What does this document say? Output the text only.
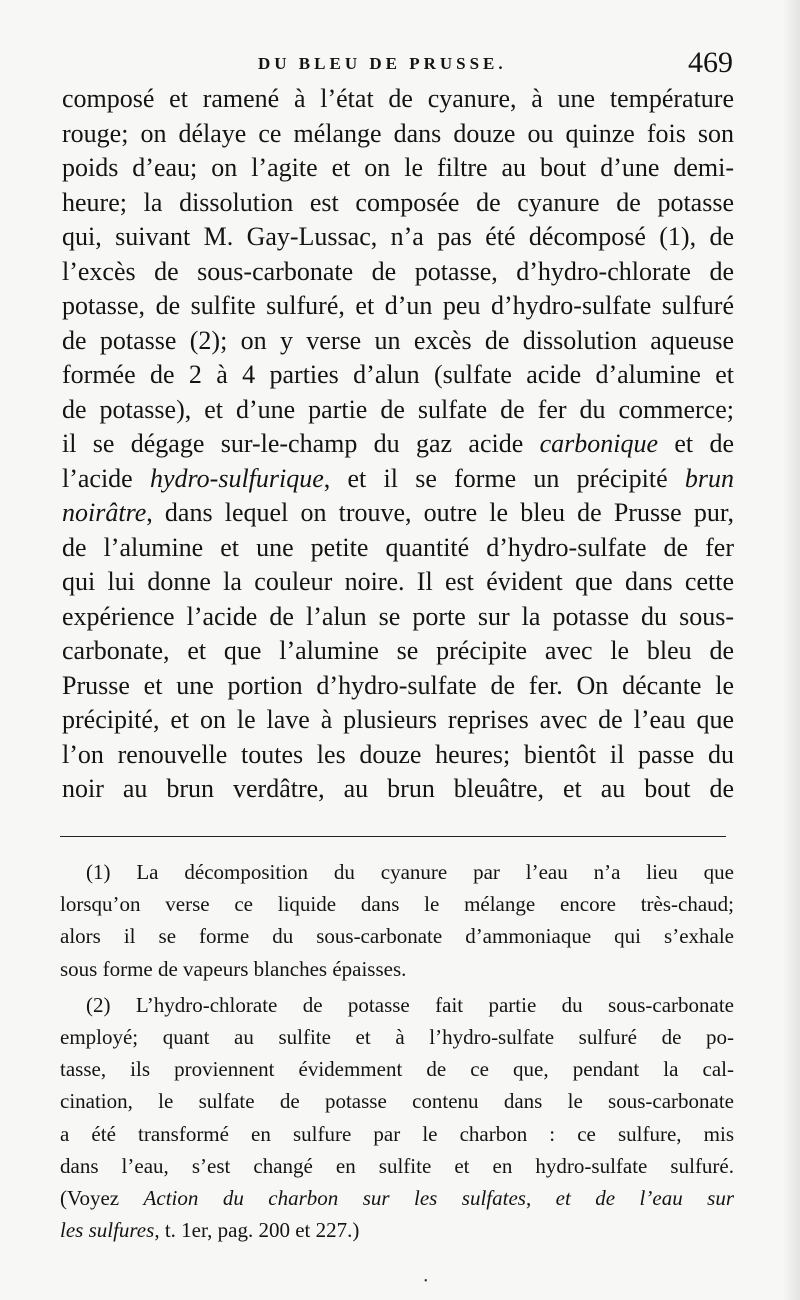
DU BLEU DE PRUSSE.	469
composé et ramené à l’état de cyanure, à une température
rouge; on délaye ce mélange dans douze ou quinze fois son
poids d’eau; on l’agite et on le filtre au bout d’une demi-
heure; la dissolution est composée de cyanure de potasse
qui, suivant M. Gay-Lussac, n’a pas été décomposé (1), de
l’excès de sous-carbonate de potasse, d’hydro-chlorate de
potasse, de sulfite sulfuré, et d’un peu d’hydro-sulfate sulfuré
de potasse (2); on y verse un excès de dissolution aqueuse
formée de 2 à 4 parties d’alun (sulfate acide d’alumine et
de potasse), et d’une partie de sulfate de fer du commerce;
il se dégage sur-le-champ du gaz acide carbonique et de
l’acide hydro-sulfurique, et il se forme un précipité brun
noirâtre, dans lequel on trouve, outre le bleu de Prusse pur,
de l’alumine et une petite quantité d’hydro-sulfate de fer
qui lui donne la couleur noire. Il est évident que dans cette
expérience l’acide de l’alun se porte sur la potasse du sous-
carbonate, et que l’alumine se précipite avec le bleu de
Prusse et une portion d’hydro-sulfate de fer. On décante le
précipité, et on le lave à plusieurs reprises avec de l’eau que
l’on renouvelle toutes les douze heures; bientôt il passe du
noir au brun verdâtre, au brun bleuâtre, et au bout de
(1) La décomposition du cyanure par l’eau n’a lieu que
lorsqu’on verse ce liquide dans le mélange encore très-chaud;
alors il se forme du sous-carbonate d’ammoniaque qui s’exhale
sous forme de vapeurs blanches épaisses.
(2) L’hydro-chlorate de potasse fait partie du sous-carbonate
employé; quant au sulfite et à l’hydro-sulfate sulfuré de po-
tasse, ils proviennent évidemment de ce que, pendant la cal-
cination, le sulfate de potasse contenu dans le sous-carbonate
a été transformé en sulfure par le charbon : ce sulfure, mis
dans l’eau, s’est changé en sulfite et en hydro-sulfate sulfuré.
(Voyez Action du charbon sur les sulfates, et de l’eau sur
les sulfures, t. 1er, pag. 200 et 227.)
•
